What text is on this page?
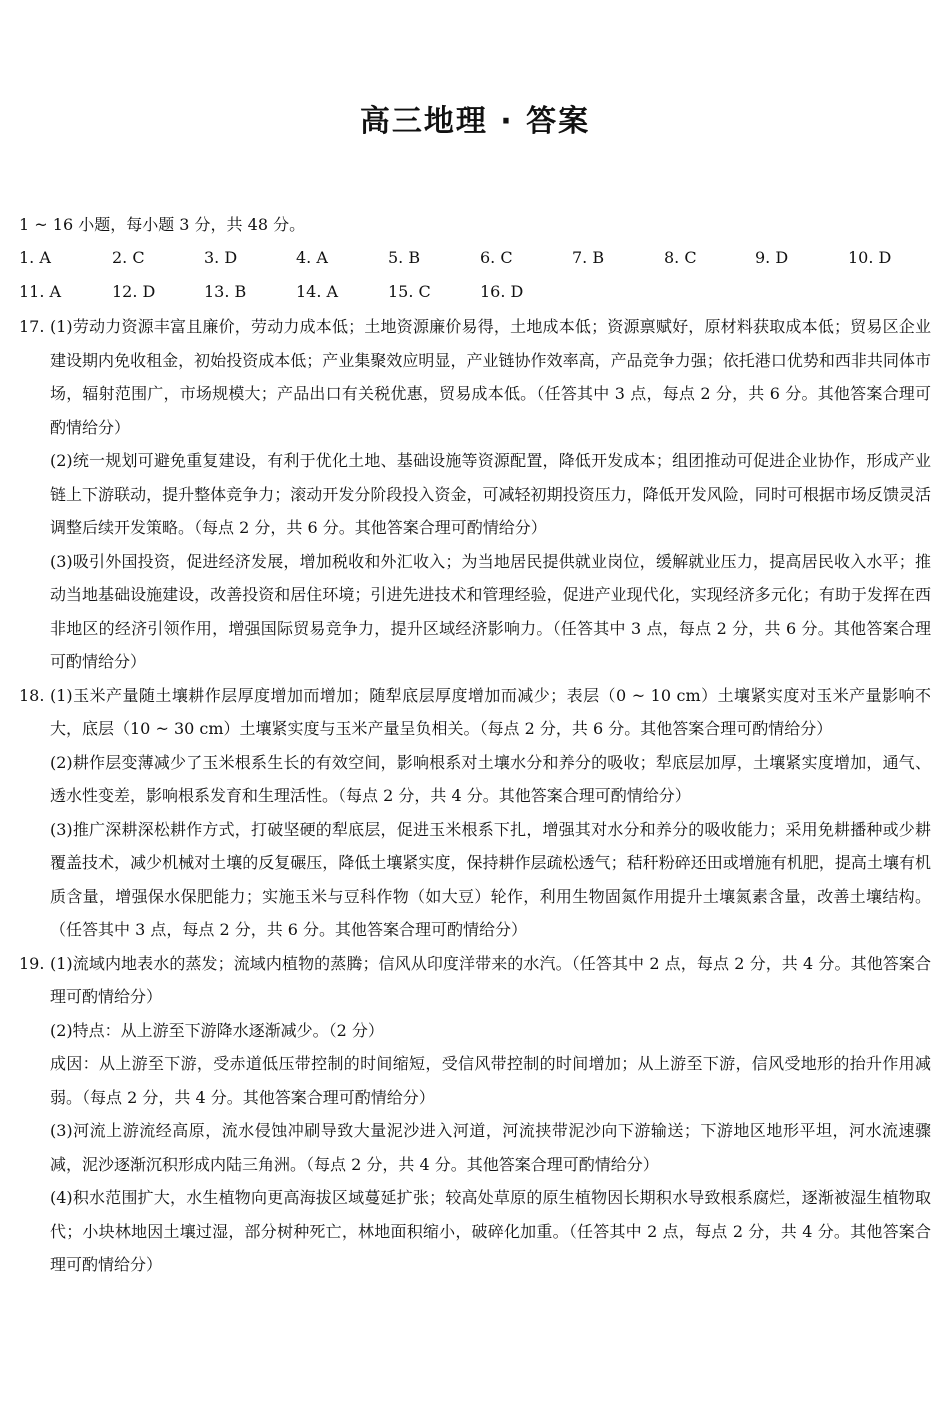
高三地理 · 答案
1 ~ 16 小题，每小题 3 分，共 48 分。
1. A	2. C	3. D	4. A	5. B	6. C	7. B	8. C	9. D	10. D
11. A	12. D	13. B	14. A	15. C	16. D
17. (1)劳动力资源丰富且廉价，劳动力成本低；土地资源廉价易得，土地成本低；资源禀赋好，原材料获取成本低；贸易区企业建设期内免收租金，初始投资成本低；产业集聚效应明显，产业链协作效率高，产品竞争力强；依托港口优势和西非共同体市场，辐射范围广，市场规模大；产品出口有关税优惠，贸易成本低。（任答其中 3 点，每点 2 分，共 6 分。其他答案合理可酌情给分）

(2)统一规划可避免重复建设，有利于优化土地、基础设施等资源配置，降低开发成本；组团推动可促进企业协作，形成产业链上下游联动，提升整体竞争力；滚动开发分阶段投入资金，可减轻初期投资压力，降低开发风险，同时可根据市场反馈灵活调整后续开发策略。（每点 2 分，共 6 分。其他答案合理可酌情给分）

(3)吸引外国投资，促进经济发展，增加税收和外汇收入；为当地居民提供就业岗位，缓解就业压力，提高居民收入水平；推动当地基础设施建设，改善投资和居住环境；引进先进技术和管理经验，促进产业现代化，实现经济多元化；有助于发挥在西非地区的经济引领作用，增强国际贸易竞争力，提升区域经济影响力。（任答其中 3 点，每点 2 分，共 6 分。其他答案合理可酌情给分）

18. (1)玉米产量随土壤耕作层厚度增加而增加；随犁底层厚度增加而减少；表层（0 ~ 10 cm）土壤紧实度对玉米产量影响不大，底层（10 ~ 30 cm）土壤紧实度与玉米产量呈负相关。（每点 2 分，共 6 分。其他答案合理可酌情给分）

(2)耕作层变薄减少了玉米根系生长的有效空间，影响根系对土壤水分和养分的吸收；犁底层加厚，土壤紧实度增加，通气、透水性变差，影响根系发育和生理活性。（每点 2 分，共 4 分。其他答案合理可酌情给分）

(3)推广深耕深松耕作方式，打破坚硬的犁底层，促进玉米根系下扎，增强其对水分和养分的吸收能力；采用免耕播种或少耕覆盖技术，减少机械对土壤的反复碾压，降低土壤紧实度，保持耕作层疏松透气；秸秆粉碎还田或增施有机肥，提高土壤有机质含量，增强保水保肥能力；实施玉米与豆科作物（如大豆）轮作，利用生物固氮作用提升土壤氮素含量，改善土壤结构。（任答其中 3 点，每点 2 分，共 6 分。其他答案合理可酌情给分）

19. (1)流域内地表水的蒸发；流域内植物的蒸腾；信风从印度洋带来的水汽。（任答其中 2 点，每点 2 分，共 4 分。其他答案合理可酌情给分）

(2)特点：从上游至下游降水逐渐减少。（2 分）

成因：从上游至下游，受赤道低压带控制的时间缩短，受信风带控制的时间增加；从上游至下游，信风受地形的抬升作用减弱。（每点 2 分，共 4 分。其他答案合理可酌情给分）

(3)河流上游流经高原，流水侵蚀冲刷导致大量泥沙进入河道，河流挟带泥沙向下游输送；下游地区地形平坦，河水流速骤减，泥沙逐渐沉积形成内陆三角洲。（每点 2 分，共 4 分。其他答案合理可酌情给分）

(4)积水范围扩大，水生植物向更高海拔区域蔓延扩张；较高处草原的原生植物因长期积水导致根系腐烂，逐渐被湿生植物取代；小块林地因土壤过湿，部分树种死亡，林地面积缩小，破碎化加重。（任答其中 2 点，每点 2 分，共 4 分。其他答案合理可酌情给分）
